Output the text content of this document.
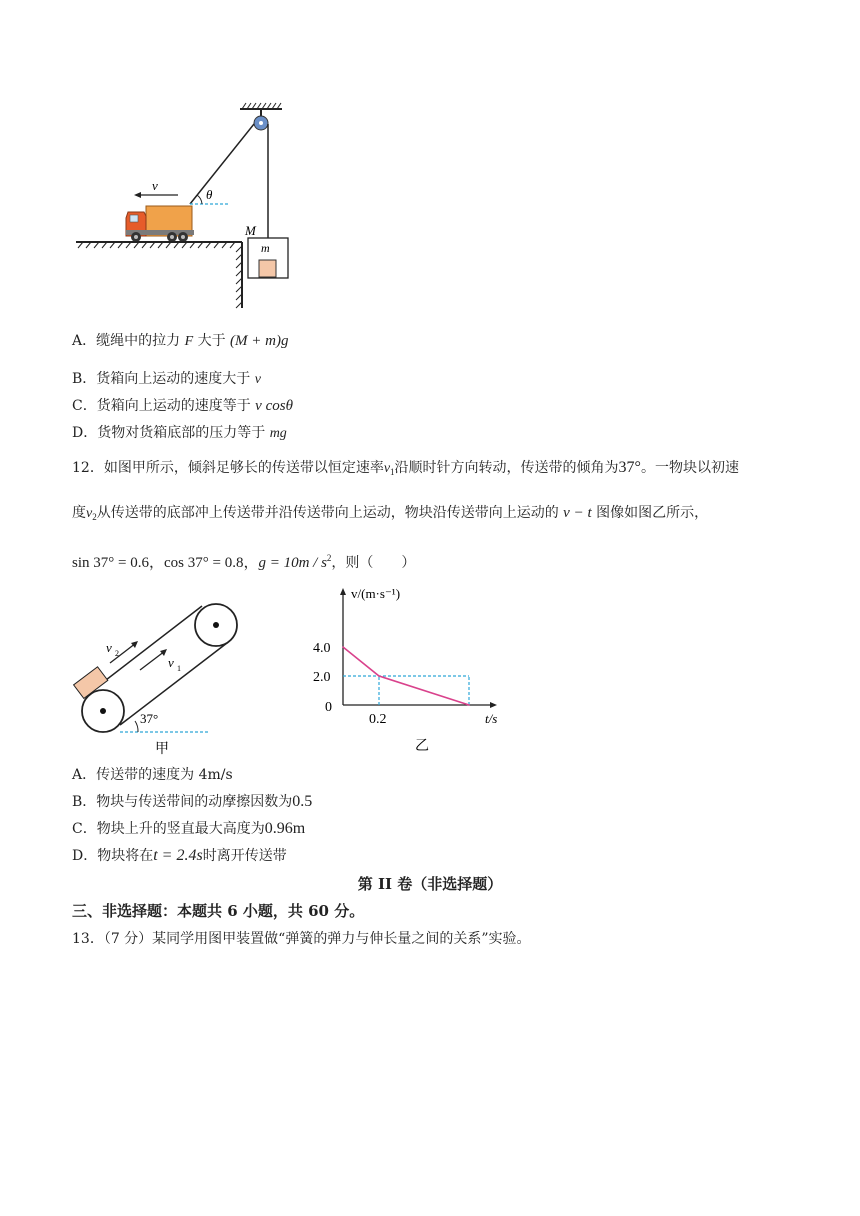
θ
v
M
m
A．缆绳中的拉力 F 大于 (M + m)g
B．货箱向上运动的速度大于 v
C．货箱向上运动的速度等于 v cosθ
D．货物对货箱底部的压力等于 mg
12．如图甲所示，倾斜足够长的传送带以恒定速率$v_1$沿顺时针方向转动，传送带的倾角为37°。一物块以初速
度$v_2$从传送带的底部冲上传送带并沿传送带向上运动，物块沿传送带向上运动的 v − t 图像如图乙所示，
sin 37° = 0.6，cos 37° = 0.8，$g = 10m / s^2$，则（　　）
v 2
v 1
37°
甲
v/(m·s⁻¹)
t/s
4.0
2.0
0
0.2
乙
A．传送带的速度为 4m/s
B．物块与传送带间的动摩擦因数为0.5
C．物块上升的竖直最大高度为0.96m
D．物块将在t = 2.4s时离开传送带
第 II 卷（非选择题）
三、非选择题：本题共 6 小题，共 60 分。
13．（7 分）某同学用图甲装置做“弹簧的弹力与伸长量之间的关系”实验。
